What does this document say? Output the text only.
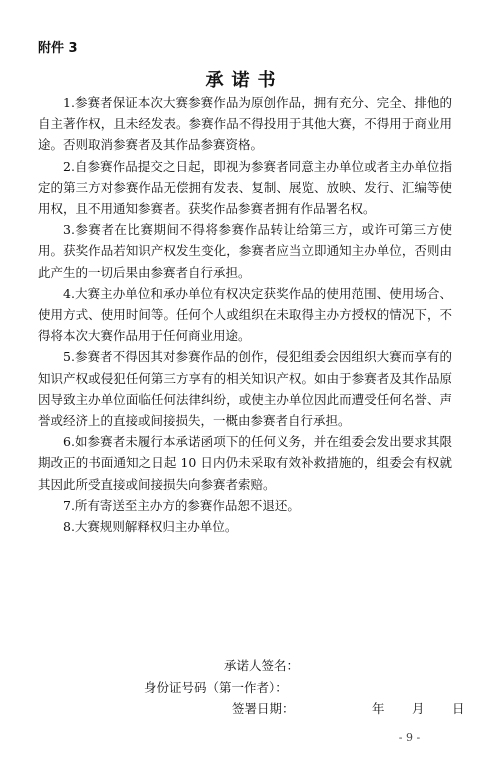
附件 3
承诺书

1.参赛者保证本次大赛参赛作品为原创作品，拥有充分、完全、排他的自主著作权，且未经发表。参赛作品不得投用于其他大赛，不得用于商业用途。否则取消参赛者及其作品参赛资格。

2.自参赛作品提交之日起，即视为参赛者同意主办单位或者主办单位指定的第三方对参赛作品无偿拥有发表、复制、展览、放映、发行、汇编等使用权，且不用通知参赛者。获奖作品参赛者拥有作品署名权。

3.参赛者在比赛期间不得将参赛作品转让给第三方，或许可第三方使用。获奖作品若知识产权发生变化，参赛者应当立即通知主办单位，否则由此产生的一切后果由参赛者自行承担。

4.大赛主办单位和承办单位有权决定获奖作品的使用范围、使用场合、使用方式、使用时间等。任何个人或组织在未取得主办方授权的情况下，不得将本次大赛作品用于任何商业用途。

5.参赛者不得因其对参赛作品的创作，侵犯组委会因组织大赛而享有的知识产权或侵犯任何第三方享有的相关知识产权。如由于参赛者及其作品原因导致主办单位面临任何法律纠纷，或使主办单位因此而遭受任何名誉、声誉或经济上的直接或间接损失，一概由参赛者自行承担。

6.如参赛者未履行本承诺函项下的任何义务，并在组委会发出要求其限期改正的书面通知之日起 10 日内仍未采取有效补救措施的，组委会有权就其因此所受直接或间接损失向参赛者索赔。

7.所有寄送至主办方的参赛作品恕不退还。

8.大赛规则解释权归主办单位。

承诺人签名：
身份证号码（第一作者）：
签署日期：	年 月 日
- 9 -
